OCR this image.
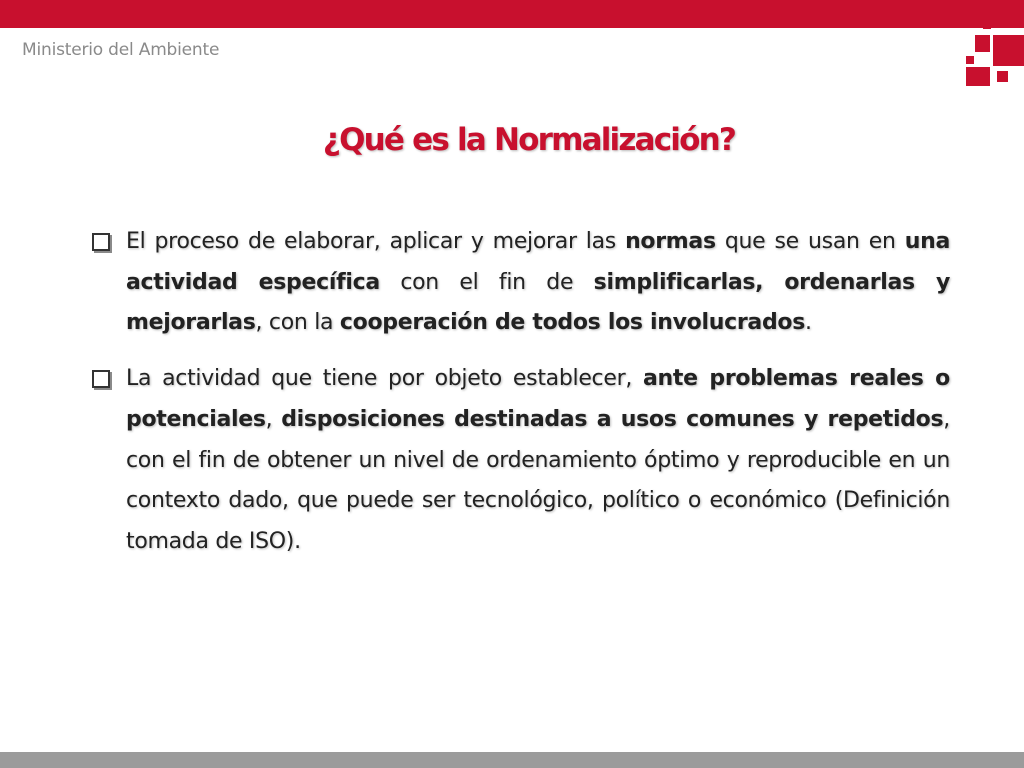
Ministerio del Ambiente
¿Qué es la Normalización?
El proceso de elaborar, aplicar y mejorar las normas que se usan en una actividad específica con el fin de simplificarlas, ordenarlas y mejorarlas, con la cooperación de todos los involucrados.
La actividad que tiene por objeto establecer, ante problemas reales o potenciales, disposiciones destinadas a usos comunes y repetidos, con el fin de obtener un nivel de ordenamiento óptimo y reproducible en un contexto dado, que puede ser tecnológico, político o económico (Definición tomada de ISO).
